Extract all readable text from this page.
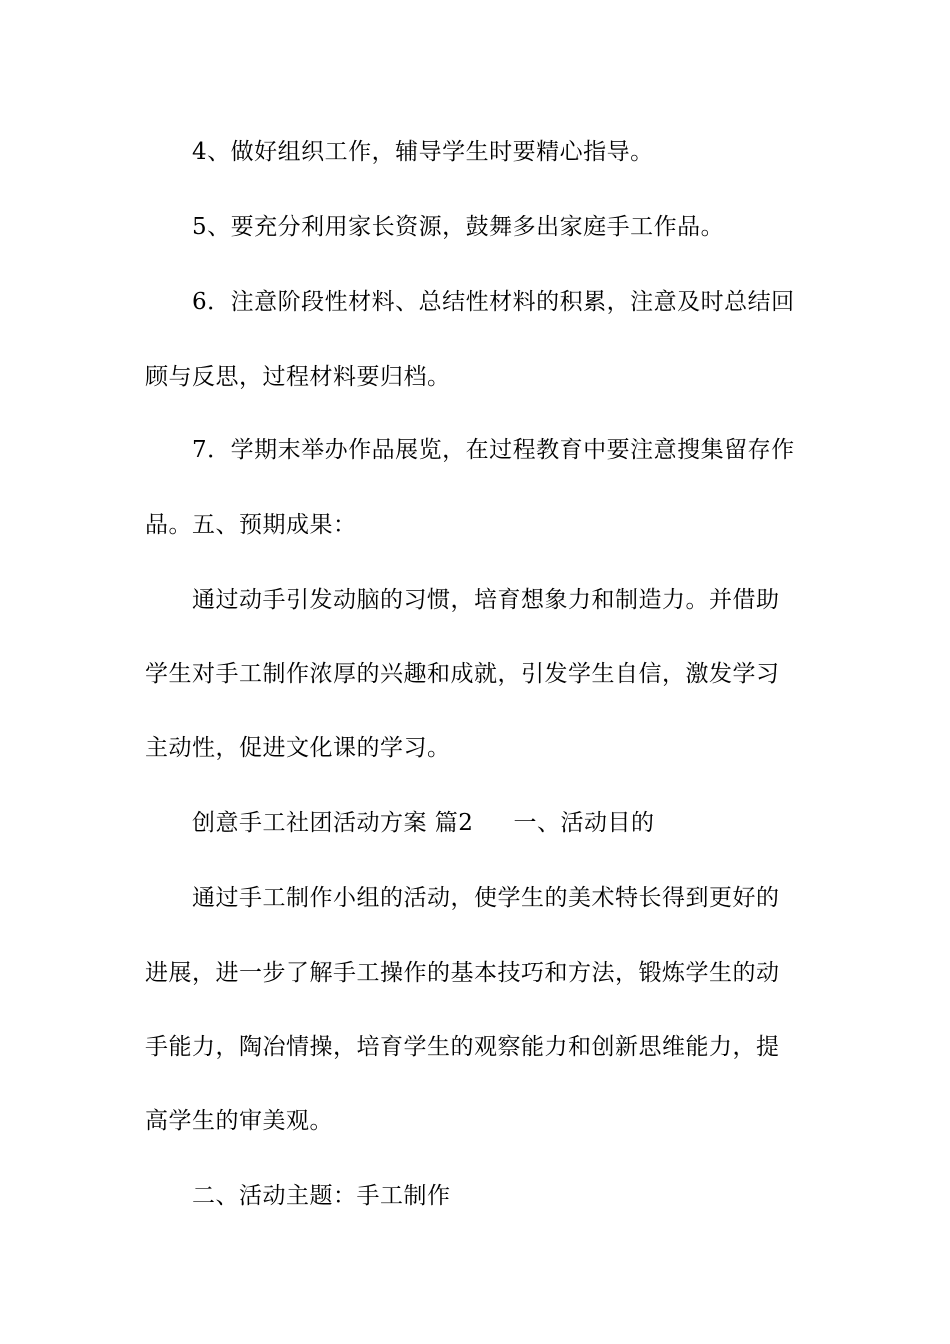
4、做好组织工作，辅导学生时要精心指导。
5、要充分利用家长资源，鼓舞多出家庭手工作品。
6．注意阶段性材料、总结性材料的积累，注意及时总结回
顾与反思，过程材料要归档。
7．学期末举办作品展览，在过程教育中要注意搜集留存作
品。五、预期成果：
通过动手引发动脑的习惯，培育想象力和制造力。并借助
学生对手工制作浓厚的兴趣和成就，引发学生自信，激发学习
主动性，促进文化课的学习。
创意手工社团活动方案 篇2 一、活动目的
通过手工制作小组的活动，使学生的美术特长得到更好的
进展，进一步了解手工操作的基本技巧和方法，锻炼学生的动
手能力，陶冶情操，培育学生的观察能力和创新思维能力，提
高学生的审美观。
二、活动主题：手工制作
